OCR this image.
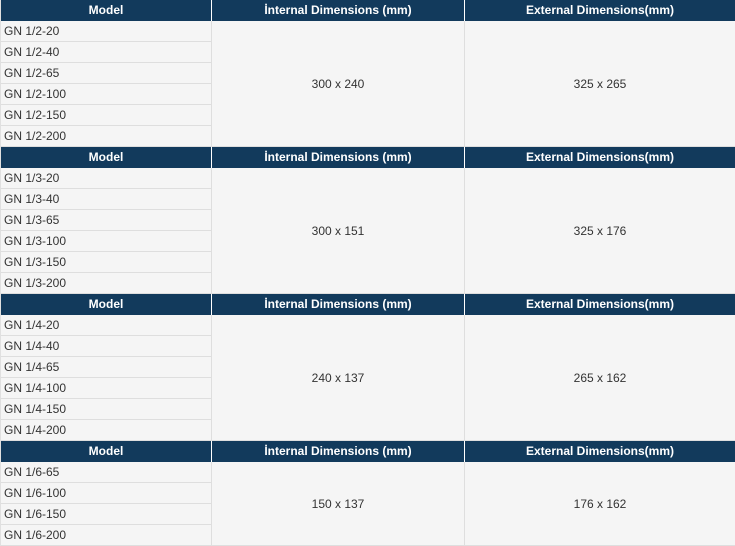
Model	İnternal Dimensions (mm)	External Dimensions(mm)
GN 1/2-20
GN 1/2-40
GN 1/2-65
GN 1/2-100
GN 1/2-150
GN 1/2-200
300 x 240	325 x 265
Model	İnternal Dimensions (mm)	External Dimensions(mm)
GN 1/3-20
GN 1/3-40
GN 1/3-65
GN 1/3-100
GN 1/3-150
GN 1/3-200
300 x 151	325 x 176
Model	İnternal Dimensions (mm)	External Dimensions(mm)
GN 1/4-20
GN 1/4-40
GN 1/4-65
GN 1/4-100
GN 1/4-150
GN 1/4-200
240 x 137	265 x 162
Model	İnternal Dimensions (mm)	External Dimensions(mm)
GN 1/6-65
GN 1/6-100
GN 1/6-150
GN 1/6-200
150 x 137	176 x 162
